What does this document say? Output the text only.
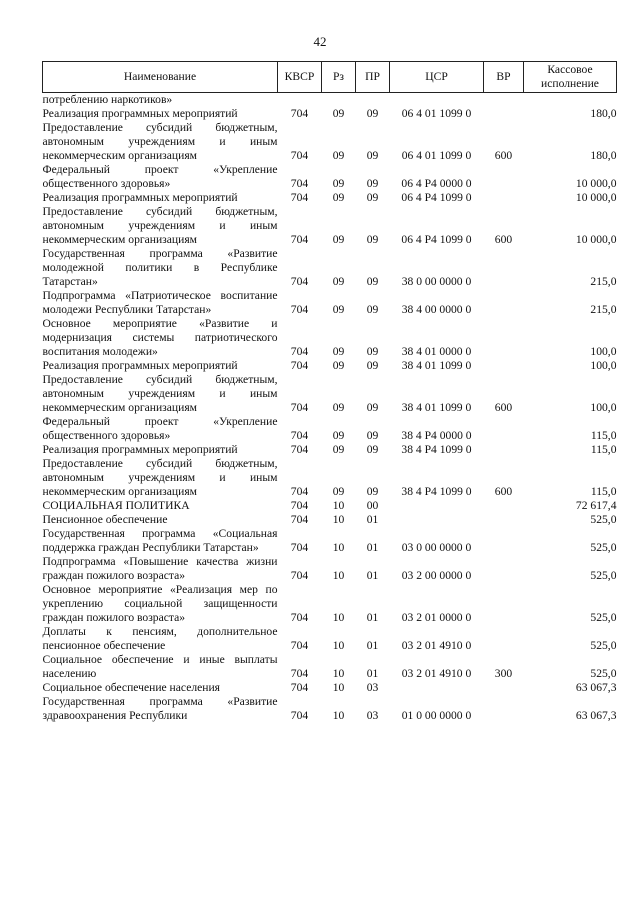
42
Наименование	КВСР	Рз	ПР	ЦСР	ВР	Кассовое
исполнение

потреблению наркотиков»						
Реализация программных мероприятий	704	09	09	06 4 01 1099 0		180,0
Предоставление субсидий бюджетным, автономным учреждениям и иным некоммерческим организациям	704	09	09	06 4 01 1099 0	600	180,0
Федеральный проект «Укрепление общественного здоровья»	704	09	09	06 4 Р4 0000 0		10 000,0
Реализация программных мероприятий	704	09	09	06 4 Р4 1099 0		10 000,0
Предоставление субсидий бюджетным, автономным учреждениям и иным некоммерческим организациям	704	09	09	06 4 Р4 1099 0	600	10 000,0
Государственная программа «Развитие молодежной политики в Республике Татарстан»	704	09	09	38 0 00 0000 0		215,0
Подпрограмма «Патриотическое воспитание молодежи Республики Татарстан»	704	09	09	38 4 00 0000 0		215,0
Основное мероприятие «Развитие и модернизация системы патриотического воспитания молодежи»	704	09	09	38 4 01 0000 0		100,0
Реализация программных мероприятий	704	09	09	38 4 01 1099 0		100,0
Предоставление субсидий бюджетным, автономным учреждениям и иным некоммерческим организациям	704	09	09	38 4 01 1099 0	600	100,0
Федеральный проект «Укрепление общественного здоровья»	704	09	09	38 4 Р4 0000 0		115,0
Реализация программных мероприятий	704	09	09	38 4 Р4 1099 0		115,0
Предоставление субсидий бюджетным, автономным учреждениям и иным некоммерческим организациям	704	09	09	38 4 Р4 1099 0	600	115,0
СОЦИАЛЬНАЯ ПОЛИТИКА	704	10	00			72 617,4
Пенсионное обеспечение	704	10	01			525,0
Государственная программа «Социальная поддержка граждан Республики Татарстан»	704	10	01	03 0 00 0000 0		525,0
Подпрограмма «Повышение качества жизни граждан пожилого возраста»	704	10	01	03 2 00 0000 0		525,0
Основное мероприятие «Реализация мер по укреплению социальной защищенности граждан пожилого возраста»	704	10	01	03 2 01 0000 0		525,0
Доплаты к пенсиям, дополнительное пенсионное обеспечение	704	10	01	03 2 01 4910 0		525,0
Социальное обеспечение и иные выплаты населению	704	10	01	03 2 01 4910 0	300	525,0
Социальное обеспечение населения	704	10	03			63 067,3
Государственная программа «Развитие здравоохранения Республики	704	10	03	01 0 00 0000 0		63 067,3
